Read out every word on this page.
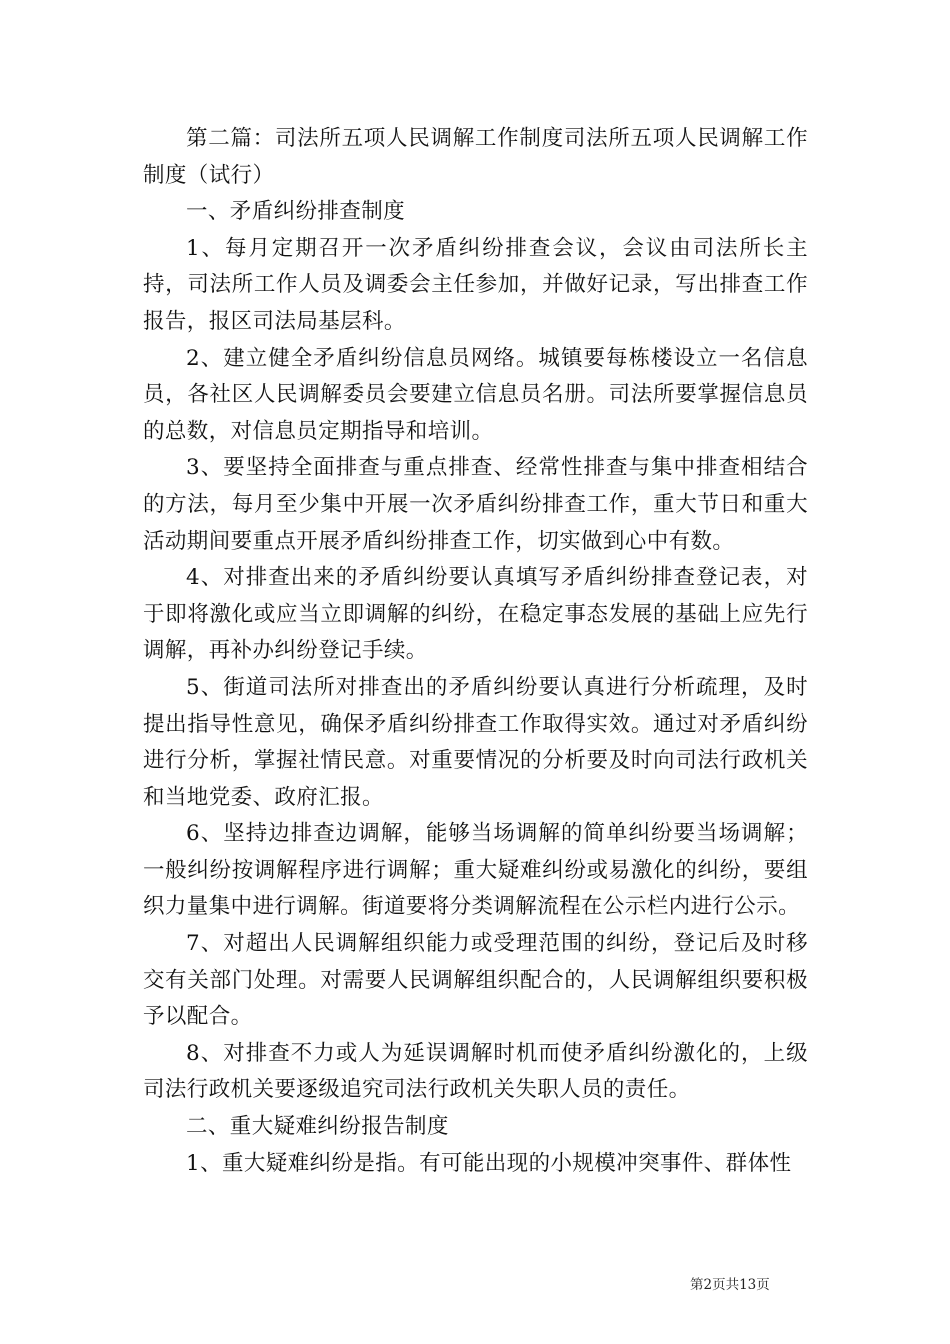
第二篇：司法所五项人民调解工作制度司法所五项人民调解工作制度（试行）

一、矛盾纠纷排查制度

1、每月定期召开一次矛盾纠纷排查会议，会议由司法所长主持，司法所工作人员及调委会主任参加，并做好记录，写出排查工作报告，报区司法局基层科。

2、建立健全矛盾纠纷信息员网络。城镇要每栋楼设立一名信息员，各社区人民调解委员会要建立信息员名册。司法所要掌握信息员的总数，对信息员定期指导和培训。

3、要坚持全面排查与重点排查、经常性排查与集中排查相结合的方法，每月至少集中开展一次矛盾纠纷排查工作，重大节日和重大活动期间要重点开展矛盾纠纷排查工作，切实做到心中有数。

4、对排查出来的矛盾纠纷要认真填写矛盾纠纷排查登记表，对于即将激化或应当立即调解的纠纷，在稳定事态发展的基础上应先行调解，再补办纠纷登记手续。

5、街道司法所对排查出的矛盾纠纷要认真进行分析疏理，及时提出指导性意见，确保矛盾纠纷排查工作取得实效。通过对矛盾纠纷进行分析，掌握社情民意。对重要情况的分析要及时向司法行政机关和当地党委、政府汇报。

6、坚持边排查边调解，能够当场调解的简单纠纷要当场调解；一般纠纷按调解程序进行调解；重大疑难纠纷或易激化的纠纷，要组织力量集中进行调解。街道要将分类调解流程在公示栏内进行公示。

7、对超出人民调解组织能力或受理范围的纠纷，登记后及时移交有关部门处理。对需要人民调解组织配合的，人民调解组织要积极予以配合。

8、对排查不力或人为延误调解时机而使矛盾纠纷激化的，上级司法行政机关要逐级追究司法行政机关失职人员的责任。

二、重大疑难纠纷报告制度

1、重大疑难纠纷是指。有可能出现的小规模冲突事件、群体性

第2页共13页
